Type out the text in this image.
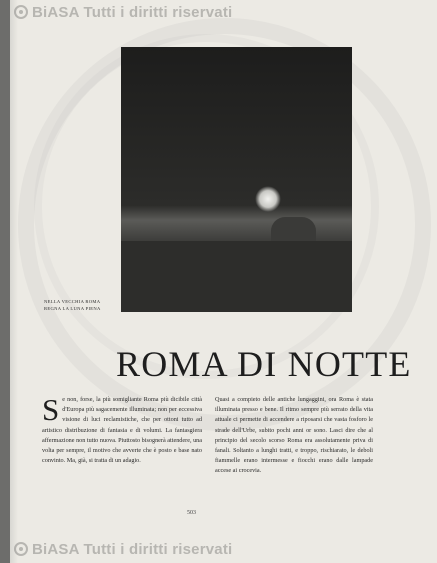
BiASA Tutti i diritti riservati
NELLA VECCHIA ROMA REGNA LA LUNA PIENA
ROMA DI NOTTE
S e non, forse, la più somigliante Roma più dicibile città d'Europa più sagacemente illuminata; non per eccessiva visione di luci reclamistiche, che per ottoni tutto ad artistico distribuzione di fantasia e di volumi. La fantasgiera affermazione non tutto nuova. Piuttosto bisognerà attendere, una volta per sempre, il motivo che avverte che è posto e base nato convinto. Ma, già, si tratta di un adagio.
Quasi a compieto delle antiche lungaggini, ora Roma è stata illuminata presso e bene. Il ritmo sempre più serrato della vita attuale ci permette di accendere a riposarsi che vasta fosforo le strade dell'Urbe, subito pochi anni or sono. Lasci dire che al principio del secolo scorso Roma era assolutamente priva di fanali. Soltanto a lunghi tratti, e troppo, rischiarato, le deboli fiammelle erano intermesse e fiocchi erano dalle lampade accese ai crocevia.
503
BiASA Tutti i diritti riservati
